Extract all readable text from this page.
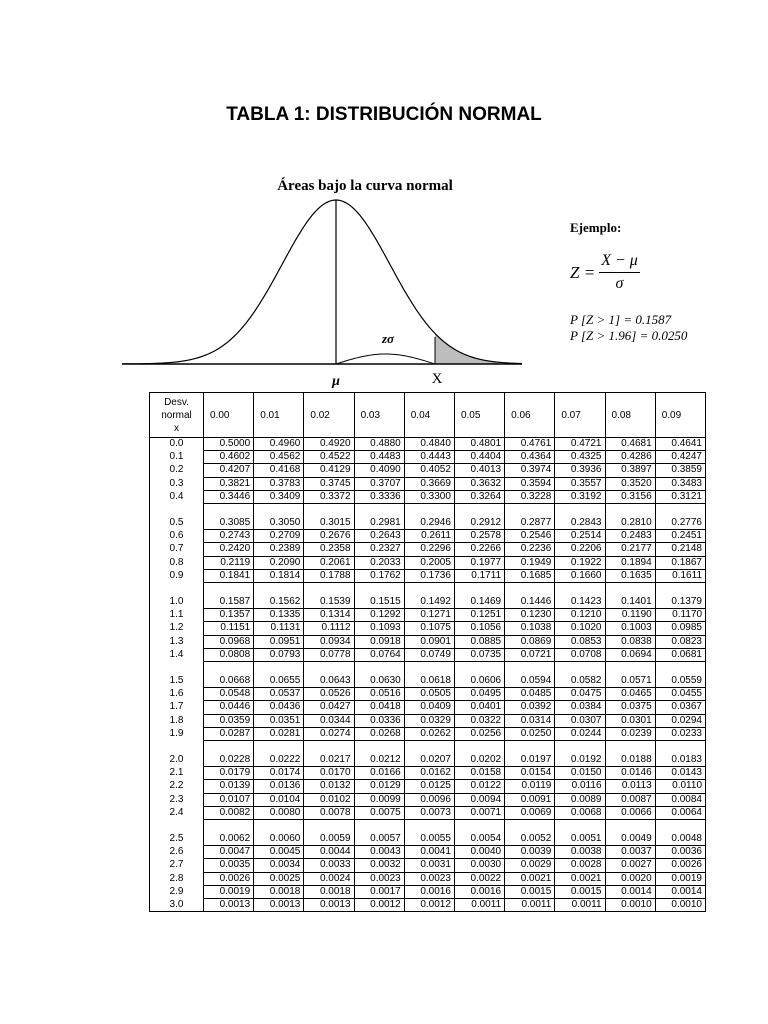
TABLA 1: DISTRIBUCIÓN NORMAL
Áreas bajo la curva normal
zσ
μ	X
Ejemplo:
$Z = \frac{X - \mu}{\sigma}$
P [Z > 1] = 0.1587
P [Z > 1.96] = 0.0250
Desv.
normal
x	0.00	0.01	0.02	0.03	0.04	0.05	0.06	0.07	0.08	0.09
0.0	0.5000	0.4960	0.4920	0.4880	0.4840	0.4801	0.4761	0.4721	0.4681	0.4641
0.1	0.4602	0.4562	0.4522	0.4483	0.4443	0.4404	0.4364	0.4325	0.4286	0.4247
0.2	0.4207	0.4168	0.4129	0.4090	0.4052	0.4013	0.3974	0.3936	0.3897	0.3859
0.3	0.3821	0.3783	0.3745	0.3707	0.3669	0.3632	0.3594	0.3557	0.3520	0.3483
0.4	0.3446	0.3409	0.3372	0.3336	0.3300	0.3264	0.3228	0.3192	0.3156	0.3121

0.5	0.3085	0.3050	0.3015	0.2981	0.2946	0.2912	0.2877	0.2843	0.2810	0.2776
0.6	0.2743	0.2709	0.2676	0.2643	0.2611	0.2578	0.2546	0.2514	0.2483	0.2451
0.7	0.2420	0.2389	0.2358	0.2327	0.2296	0.2266	0.2236	0.2206	0.2177	0.2148
0.8	0.2119	0.2090	0.2061	0.2033	0.2005	0.1977	0.1949	0.1922	0.1894	0.1867
0.9	0.1841	0.1814	0.1788	0.1762	0.1736	0.1711	0.1685	0.1660	0.1635	0.1611

1.0	0.1587	0.1562	0.1539	0.1515	0.1492	0.1469	0.1446	0.1423	0.1401	0.1379
1.1	0.1357	0.1335	0.1314	0.1292	0.1271	0.1251	0.1230	0.1210	0.1190	0.1170
1.2	0.1151	0.1131	0.1112	0.1093	0.1075	0.1056	0.1038	0.1020	0.1003	0.0985
1.3	0.0968	0.0951	0.0934	0.0918	0.0901	0.0885	0.0869	0.0853	0.0838	0.0823
1.4	0.0808	0.0793	0.0778	0.0764	0.0749	0.0735	0.0721	0.0708	0.0694	0.0681

1.5	0.0668	0.0655	0.0643	0.0630	0.0618	0.0606	0.0594	0.0582	0.0571	0.0559
1.6	0.0548	0.0537	0.0526	0.0516	0.0505	0.0495	0.0485	0.0475	0.0465	0.0455
1.7	0.0446	0.0436	0.0427	0.0418	0.0409	0.0401	0.0392	0.0384	0.0375	0.0367
1.8	0.0359	0.0351	0.0344	0.0336	0.0329	0.0322	0.0314	0.0307	0.0301	0.0294
1.9	0.0287	0.0281	0.0274	0.0268	0.0262	0.0256	0.0250	0.0244	0.0239	0.0233

2.0	0.0228	0.0222	0.0217	0.0212	0.0207	0.0202	0.0197	0.0192	0.0188	0.0183
2.1	0.0179	0.0174	0.0170	0.0166	0.0162	0.0158	0.0154	0.0150	0.0146	0.0143
2.2	0.0139	0.0136	0.0132	0.0129	0.0125	0.0122	0.0119	0.0116	0.0113	0.0110
2.3	0.0107	0.0104	0.0102	0.0099	0.0096	0.0094	0.0091	0.0089	0.0087	0.0084
2.4	0.0082	0.0080	0.0078	0.0075	0.0073	0.0071	0.0069	0.0068	0.0066	0.0064

2.5	0.0062	0.0060	0.0059	0.0057	0.0055	0.0054	0.0052	0.0051	0.0049	0.0048
2.6	0.0047	0.0045	0.0044	0.0043	0.0041	0.0040	0.0039	0.0038	0.0037	0.0036
2.7	0.0035	0.0034	0.0033	0.0032	0.0031	0.0030	0.0029	0.0028	0.0027	0.0026
2.8	0.0026	0.0025	0.0024	0.0023	0.0023	0.0022	0.0021	0.0021	0.0020	0.0019
2.9	0.0019	0.0018	0.0018	0.0017	0.0016	0.0016	0.0015	0.0015	0.0014	0.0014
3.0	0.0013	0.0013	0.0013	0.0012	0.0012	0.0011	0.0011	0.0011	0.0010	0.0010
